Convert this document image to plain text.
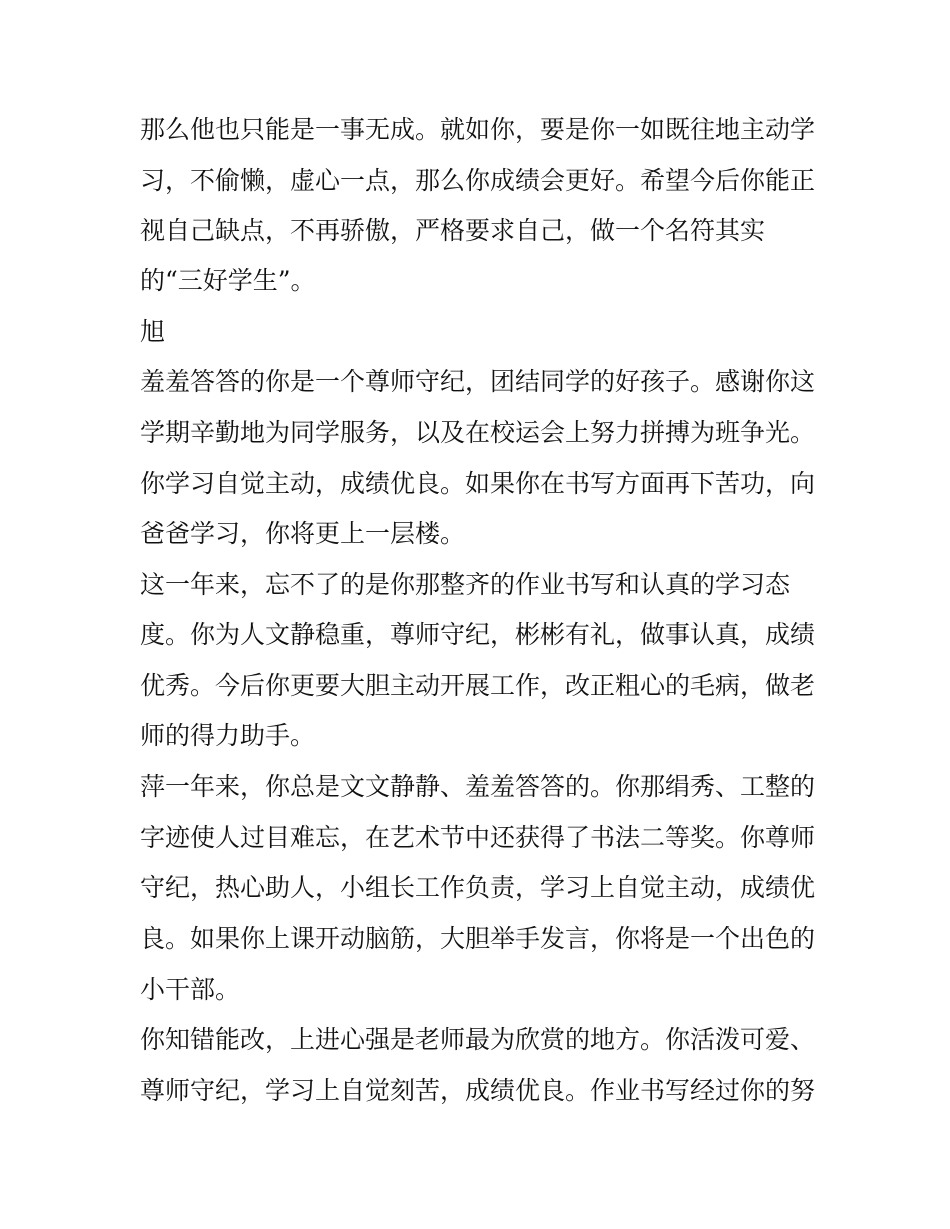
那么他也只能是一事无成。就如你，要是你一如既往地主动学
习，不偷懒，虚心一点，那么你成绩会更好。希望今后你能正
视自己缺点，不再骄傲，严格要求自己，做一个名符其实
的“三好学生”。
旭
羞羞答答的你是一个尊师守纪，团结同学的好孩子。感谢你这
学期辛勤地为同学服务，以及在校运会上努力拼搏为班争光。
你学习自觉主动，成绩优良。如果你在书写方面再下苦功，向
爸爸学习，你将更上一层楼。
这一年来，忘不了的是你那整齐的作业书写和认真的学习态
度。你为人文静稳重，尊师守纪，彬彬有礼，做事认真，成绩
优秀。今后你更要大胆主动开展工作，改正粗心的毛病，做老
师的得力助手。
萍一年来，你总是文文静静、羞羞答答的。你那绢秀、工整的
字迹使人过目难忘，在艺术节中还获得了书法二等奖。你尊师
守纪，热心助人，小组长工作负责，学习上自觉主动，成绩优
良。如果你上课开动脑筋，大胆举手发言，你将是一个出色的
小干部。
你知错能改，上进心强是老师最为欣赏的地方。你活泼可爱、
尊师守纪，学习上自觉刻苦，成绩优良。作业书写经过你的努
